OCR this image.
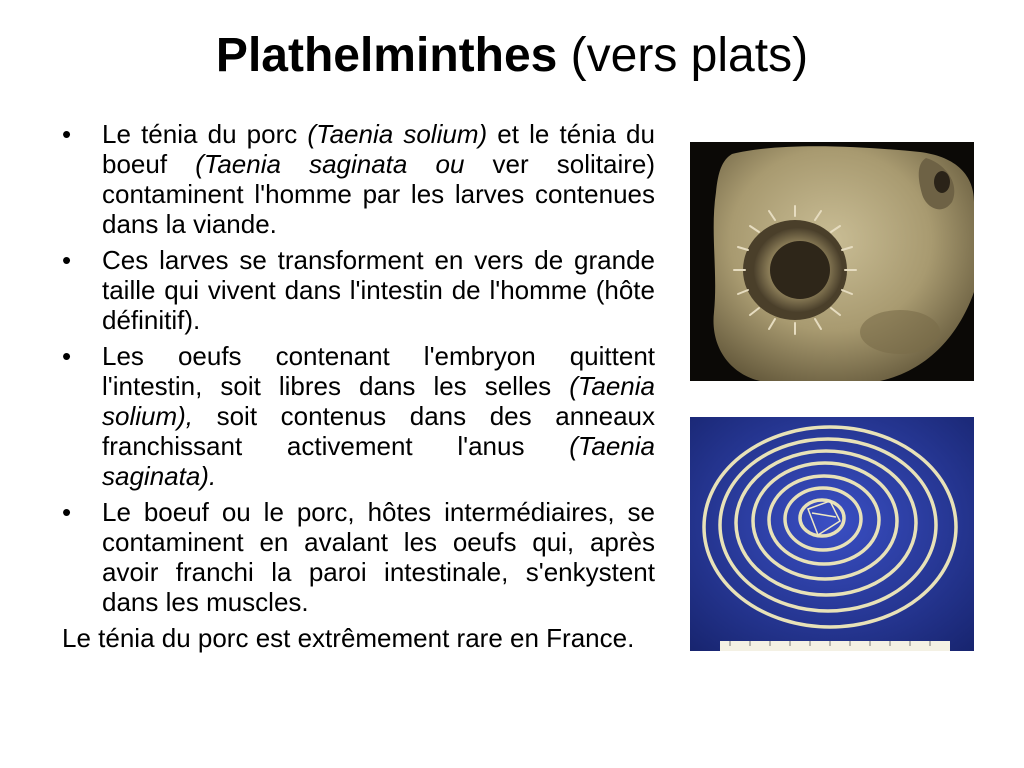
Plathelminthes (vers plats)
• Le ténia du porc (Taenia solium) et le ténia du boeuf (Taenia saginata ou ver solitaire) contaminent l'homme par les larves contenues dans la viande.
• Ces larves se transforment en vers de grande taille qui vivent dans l'intestin de l'homme (hôte définitif).
• Les oeufs contenant l'embryon quittent l'intestin, soit libres dans les selles (Taenia solium), soit contenus dans des anneaux franchissant activement l'anus (Taenia saginata).
• Le boeuf ou le porc, hôtes intermédiaires, se contaminent en avalant les oeufs qui, après avoir franchi la paroi intestinale, s'enkystent dans les muscles.

Le ténia du porc est extrêmement rare en France.
